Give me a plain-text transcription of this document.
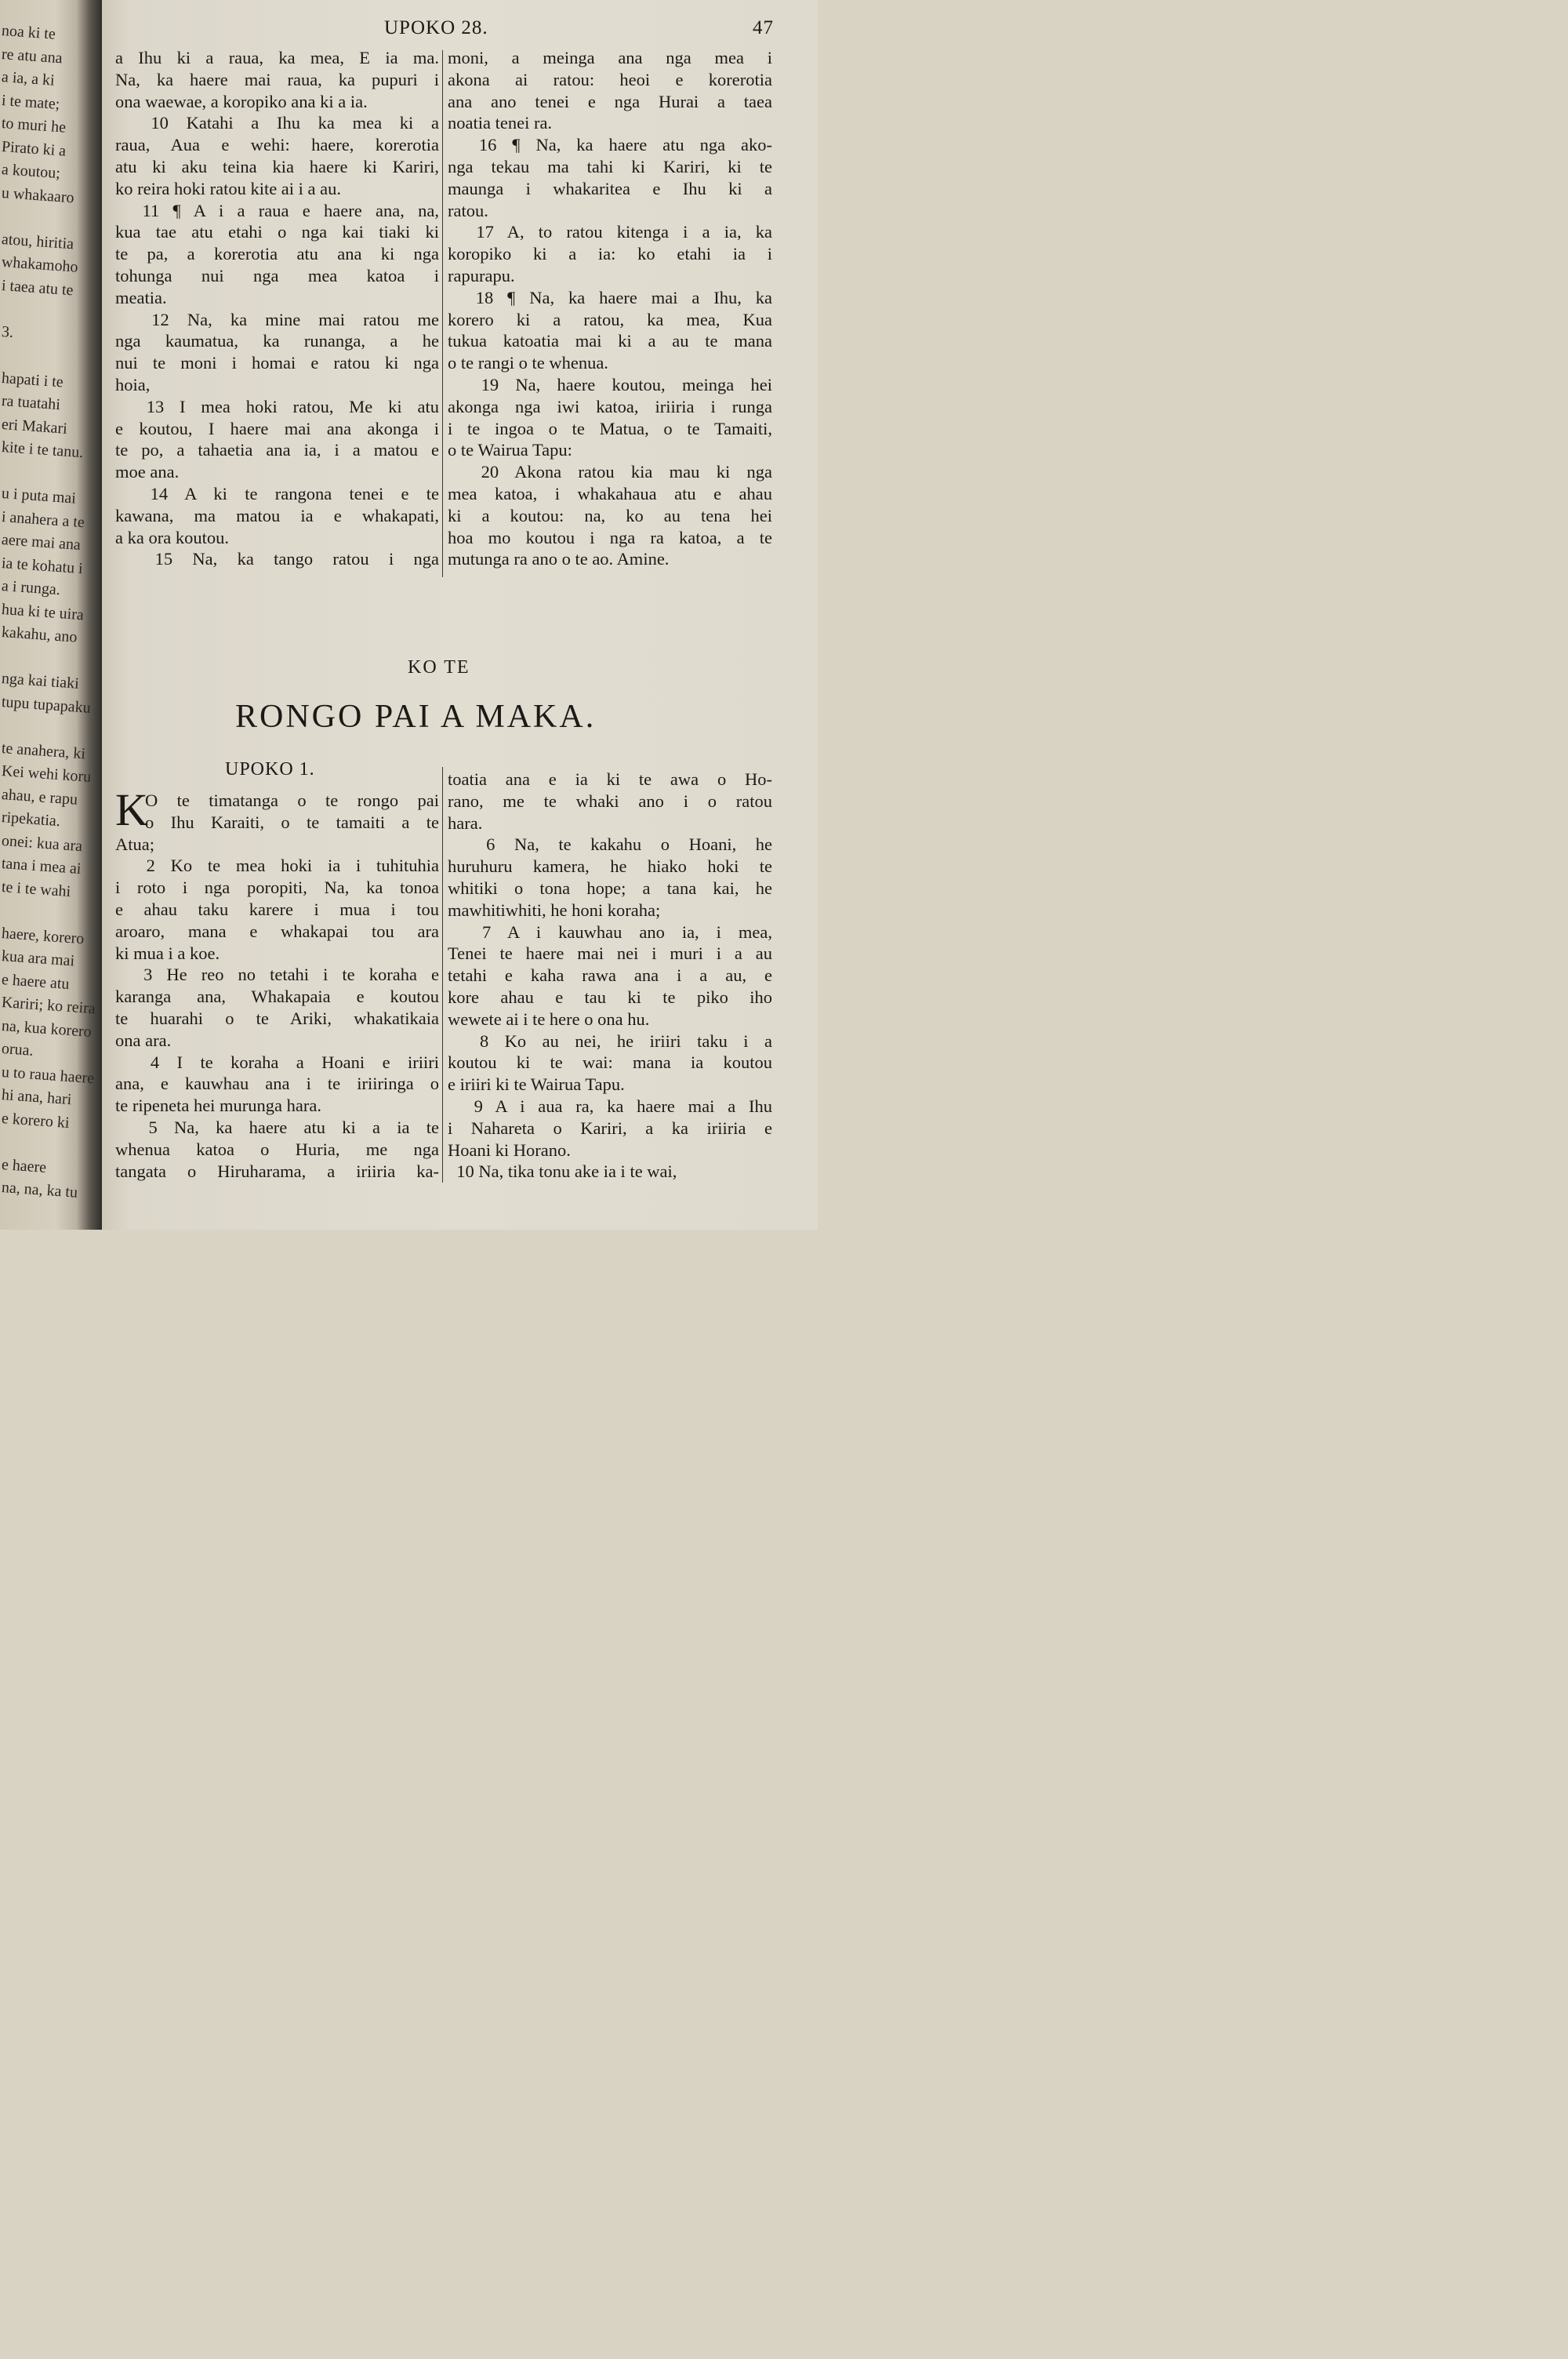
noa ki te
re atu ana
a ia, a ki
i te mate;
to muri he
Pirato ki a
a koutou;
u whakaaro
atou, hiritia
whakamoho
i taea atu te
3.
hapati i te
ra tuatahi
eri Makari
kite i te tanu.
u i puta mai
i anahera a te
aere mai ana
ia te kohatu i
a i runga.
hua ki te uira
kakahu, ano
nga kai tiaki
tupu tupapaku
te anahera, ki
Kei wehi koru
ahau, e rapu
ripekatia.
onei: kua ara
tana i mea ai
te i te wahi
haere, korero
kua ara mai
e haere atu
Kariri; ko reira
na, kua korero
orua.
u to raua haere
hi ana, hari
e korero ki
e haere
na, na, ka tu
UPOKO 28.	47
a Ihu ki a raua, ka mea, E ia ma.
Na, ka haere mai raua, ka pupuri i
ona waewae, a koropiko ana ki a ia.
10 Katahi a Ihu ka mea ki a
raua, Aua e wehi: haere, korerotia
atu ki aku teina kia haere ki Kariri,
ko reira hoki ratou kite ai i a au.
11 ¶ A i a raua e haere ana, na,
kua tae atu etahi o nga kai tiaki ki
te pa, a korerotia atu ana ki nga
tohunga nui nga mea katoa i
meatia.
12 Na, ka mine mai ratou me
nga kaumatua, ka runanga, a he
nui te moni i homai e ratou ki nga
hoia,
13 I mea hoki ratou, Me ki atu
e koutou, I haere mai ana akonga i
te po, a tahaetia ana ia, i a matou e
moe ana.
14 A ki te rangona tenei e te
kawana, ma matou ia e whakapati,
a ka ora koutou.
15 Na, ka tango ratou i nga
moni, a meinga ana nga mea i
akona ai ratou: heoi e korerotia
ana ano tenei e nga Hurai a taea
noatia tenei ra.
16 ¶ Na, ka haere atu nga ako-
nga tekau ma tahi ki Kariri, ki te
maunga i whakaritea e Ihu ki a
ratou.
17 A, to ratou kitenga i a ia, ka
koropiko ki a ia: ko etahi ia i
rapurapu.
18 ¶ Na, ka haere mai a Ihu, ka
korero ki a ratou, ka mea, Kua
tukua katoatia mai ki a au te mana
o te rangi o te whenua.
19 Na, haere koutou, meinga hei
akonga nga iwi katoa, iriiria i runga
i te ingoa o te Matua, o te Tamaiti,
o te Wairua Tapu:
20 Akona ratou kia mau ki nga
mea katoa, i whakahaua atu e ahau
ki a koutou: na, ko au tena hei
hoa mo koutou i nga ra katoa, a te
mutunga ra ano o te ao. Amine.
KO TE
RONGO PAI A MAKA.
UPOKO 1.
K
O te timatanga o te rongo pai
o Ihu Karaiti, o te tamaiti a te
Atua;
2 Ko te mea hoki ia i tuhituhia
i roto i nga poropiti, Na, ka tonoa
e ahau taku karere i mua i tou
aroaro, mana e whakapai tou ara
ki mua i a koe.
3 He reo no tetahi i te koraha e
karanga ana, Whakapaia e koutou
te huarahi o te Ariki, whakatikaia
ona ara.
4 I te koraha a Hoani e iriiri
ana, e kauwhau ana i te iriiringa o
te ripeneta hei murunga hara.
5 Na, ka haere atu ki a ia te
whenua katoa o Huria, me nga
tangata o Hiruharama, a iriiria ka-
toatia ana e ia ki te awa o Ho-
rano, me te whaki ano i o ratou
hara.
6 Na, te kakahu o Hoani, he
huruhuru kamera, he hiako hoki te
whitiki o tona hope; a tana kai, he
mawhitiwhiti, he honi koraha;
7 A i kauwhau ano ia, i mea,
Tenei te haere mai nei i muri i a au
tetahi e kaha rawa ana i a au, e
kore ahau e tau ki te piko iho
wewete ai i te here o ona hu.
8 Ko au nei, he iriiri taku i a
koutou ki te wai: mana ia koutou
e iriiri ki te Wairua Tapu.
9 A i aua ra, ka haere mai a Ihu
i Nahareta o Kariri, a ka iriiria e
Hoani ki Horano.
10 Na, tika tonu ake ia i te wai,
